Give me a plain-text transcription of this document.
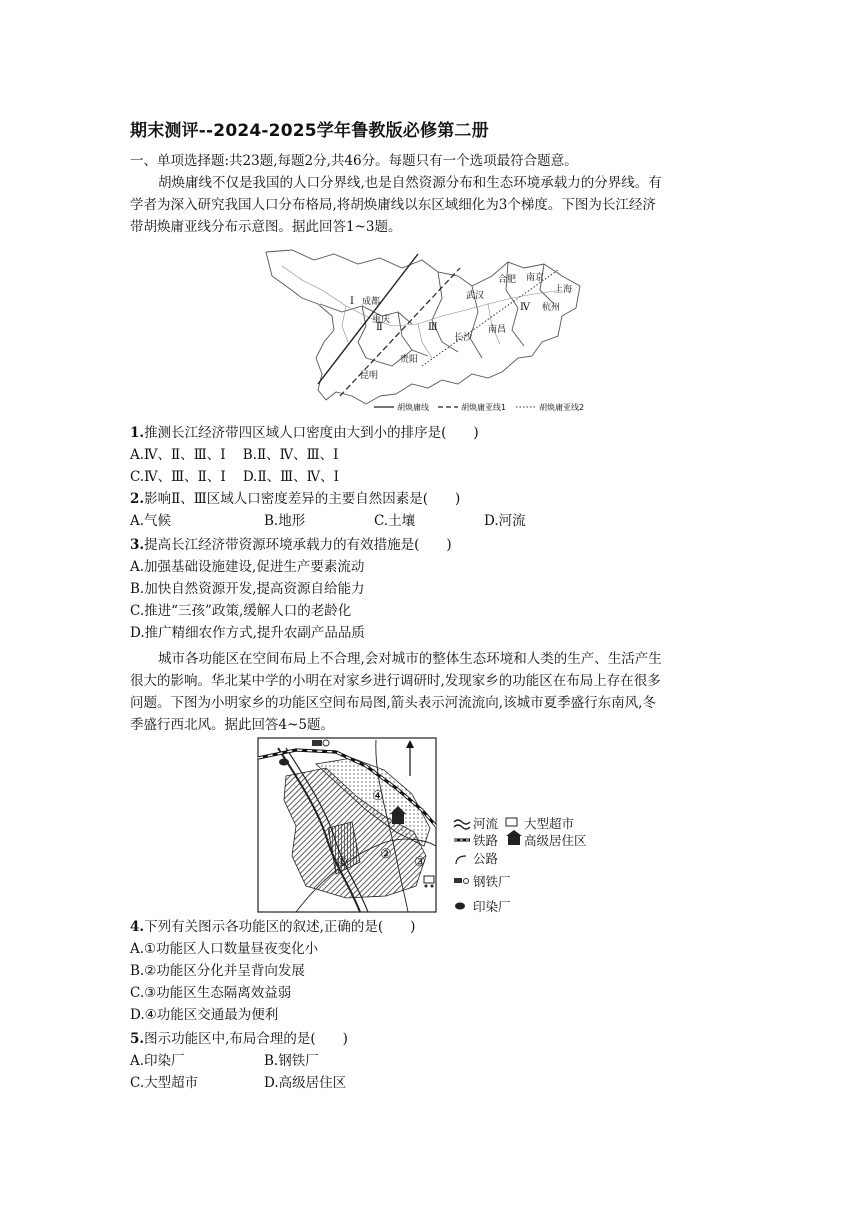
期末测评--2024-2025学年鲁教版必修第二册
一、单项选择题:共23题,每题2分,共46分。每题只有一个选项最符合题意。
胡焕庸线不仅是我国的人口分界线,也是自然资源分布和生态环境承载力的分界线。有
学者为深入研究我国人口分布格局,将胡焕庸线以东区域细化为3个梯度。下图为长江经济
带胡焕庸亚线分布示意图。据此回答1~3题。
成都
重庆
昆明
贵阳
长沙
武汉
南昌
合肥 南京
上海
杭州
Ⅰ
Ⅱ	Ⅲ
Ⅳ
胡焕庸线	胡焕庸亚线1	胡焕庸亚线2
1.推测长江经济带四区域人口密度由大到小的排序是(　　)
A.Ⅳ、Ⅱ、Ⅲ、Ⅰ B.Ⅱ、Ⅳ、Ⅲ、Ⅰ
C.Ⅳ、Ⅲ、Ⅱ、Ⅰ D.Ⅱ、Ⅲ、Ⅳ、Ⅰ
2.影响Ⅱ、Ⅲ区域人口密度差异的主要自然因素是(　　)
A.气候	B.地形	C.土壤	D.河流
3.提高长江经济带资源环境承载力的有效措施是(　　)
A.加强基础设施建设,促进生产要素流动
B.加快自然资源开发,提高资源自给能力
C.推进“三孩”政策,缓解人口的老龄化
D.推广精细农作方式,提升农副产品品质
城市各功能区在空间布局上不合理,会对城市的整体生态环境和人类的生产、生活产生
很大的影响。华北某中学的小明在对家乡进行调研时,发现家乡的功能区在布局上存在很多
问题。下图为小明家乡的功能区空间布局图,箭头表示河流流向,该城市夏季盛行东南风,冬
季盛行西北风。据此回答4~5题。
①
②
③
④
河流 大型超市
铁路 高级居住区
公路
钢铁厂
印染厂
4.下列有关图示各功能区的叙述,正确的是(　　)
A.①功能区人口数量昼夜变化小
B.②功能区分化并呈背向发展
C.③功能区生态隔离效益弱
D.④功能区交通最为便利
5.图示功能区中,布局合理的是(　　)
A.印染厂	B.钢铁厂
C.大型超市	D.高级居住区
